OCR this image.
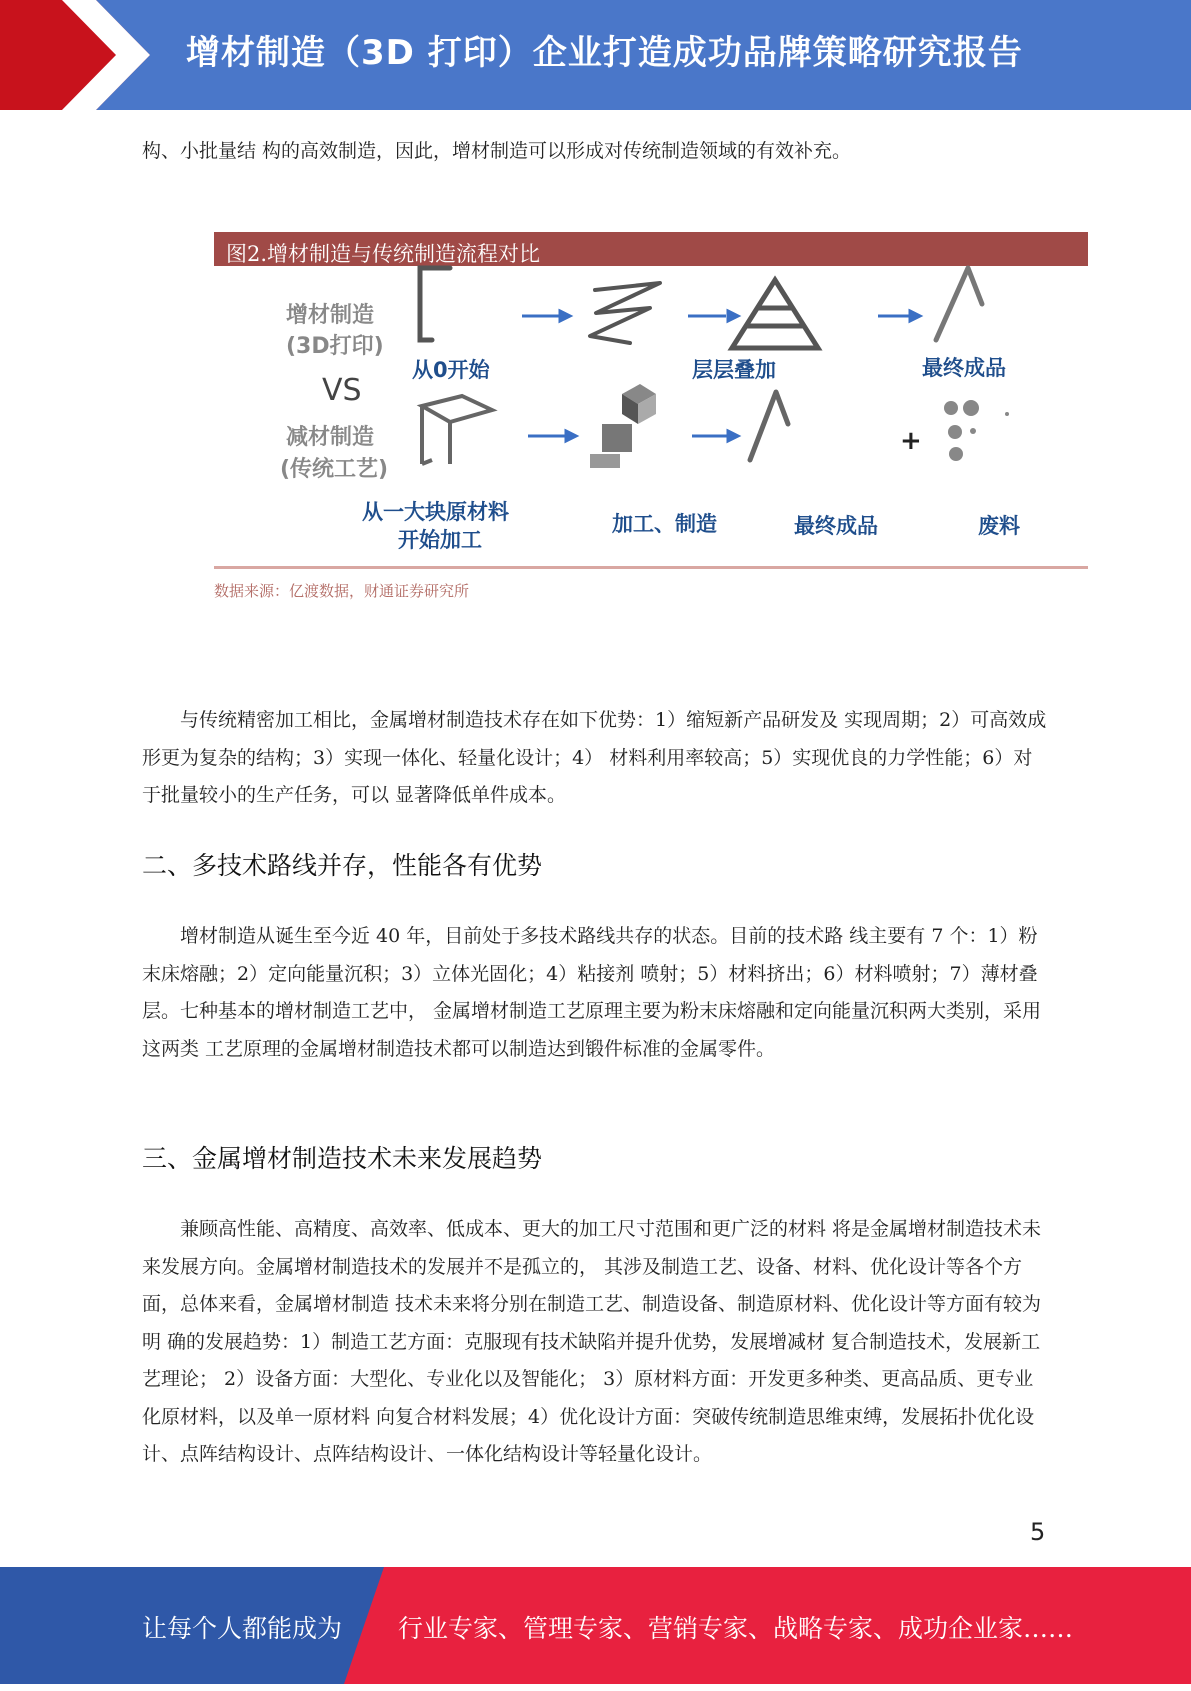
增材制造（3D 打印）企业打造成功品牌策略研究报告

构、小批量结 构的高效制造，因此，增材制造可以形成对传统制造领域的有效补充。

图2.增材制造与传统制造流程对比
增材制造
(3D打印)
VS
减材制造
(传统工艺)
从0开始	层层叠加	最终成品
从一大块原材料
开始加工
加工、制造	最终成品
+
废料
数据来源：亿渡数据，财通证券研究所

与传统精密加工相比，金属增材制造技术存在如下优势：1）缩短新产品研发及 实现周期；2）可高效成形更为复杂的结构；3）实现一体化、轻量化设计；4） 材料利用率较高；5）实现优良的力学性能；6）对于批量较小的生产任务，可以 显著降低单件成本。

二、多技术路线并存，性能各有优势

增材制造从诞生至今近 40 年，目前处于多技术路线共存的状态。目前的技术路 线主要有 7 个：1）粉末床熔融；2）定向能量沉积；3）立体光固化；4）粘接剂 喷射；5）材料挤出；6）材料喷射；7）薄材叠层。七种基本的增材制造工艺中， 金属增材制造工艺原理主要为粉末床熔融和定向能量沉积两大类别，采用这两类 工艺原理的金属增材制造技术都可以制造达到锻件标准的金属零件。

三、金属增材制造技术未来发展趋势

兼顾高性能、高精度、高效率、低成本、更大的加工尺寸范围和更广泛的材料 将是金属增材制造技术未来发展方向。金属增材制造技术的发展并不是孤立的， 其涉及制造工艺、设备、材料、优化设计等各个方面，总体来看，金属增材制造 技术未来将分别在制造工艺、制造设备、制造原材料、优化设计等方面有较为明 确的发展趋势：1）制造工艺方面：克服现有技术缺陷并提升优势，发展增减材 复合制造技术，发展新工艺理论； 2）设备方面：大型化、专业化以及智能化； 3）原材料方面：开发更多种类、更高品质、更专业化原材料，以及单一原材料 向复合材料发展；4）优化设计方面：突破传统制造思维束缚，发展拓扑优化设 计、点阵结构设计、点阵结构设计、一体化结构设计等轻量化设计。

5
让每个人都能成为 行业专家、管理专家、营销专家、战略专家、成功企业家……
